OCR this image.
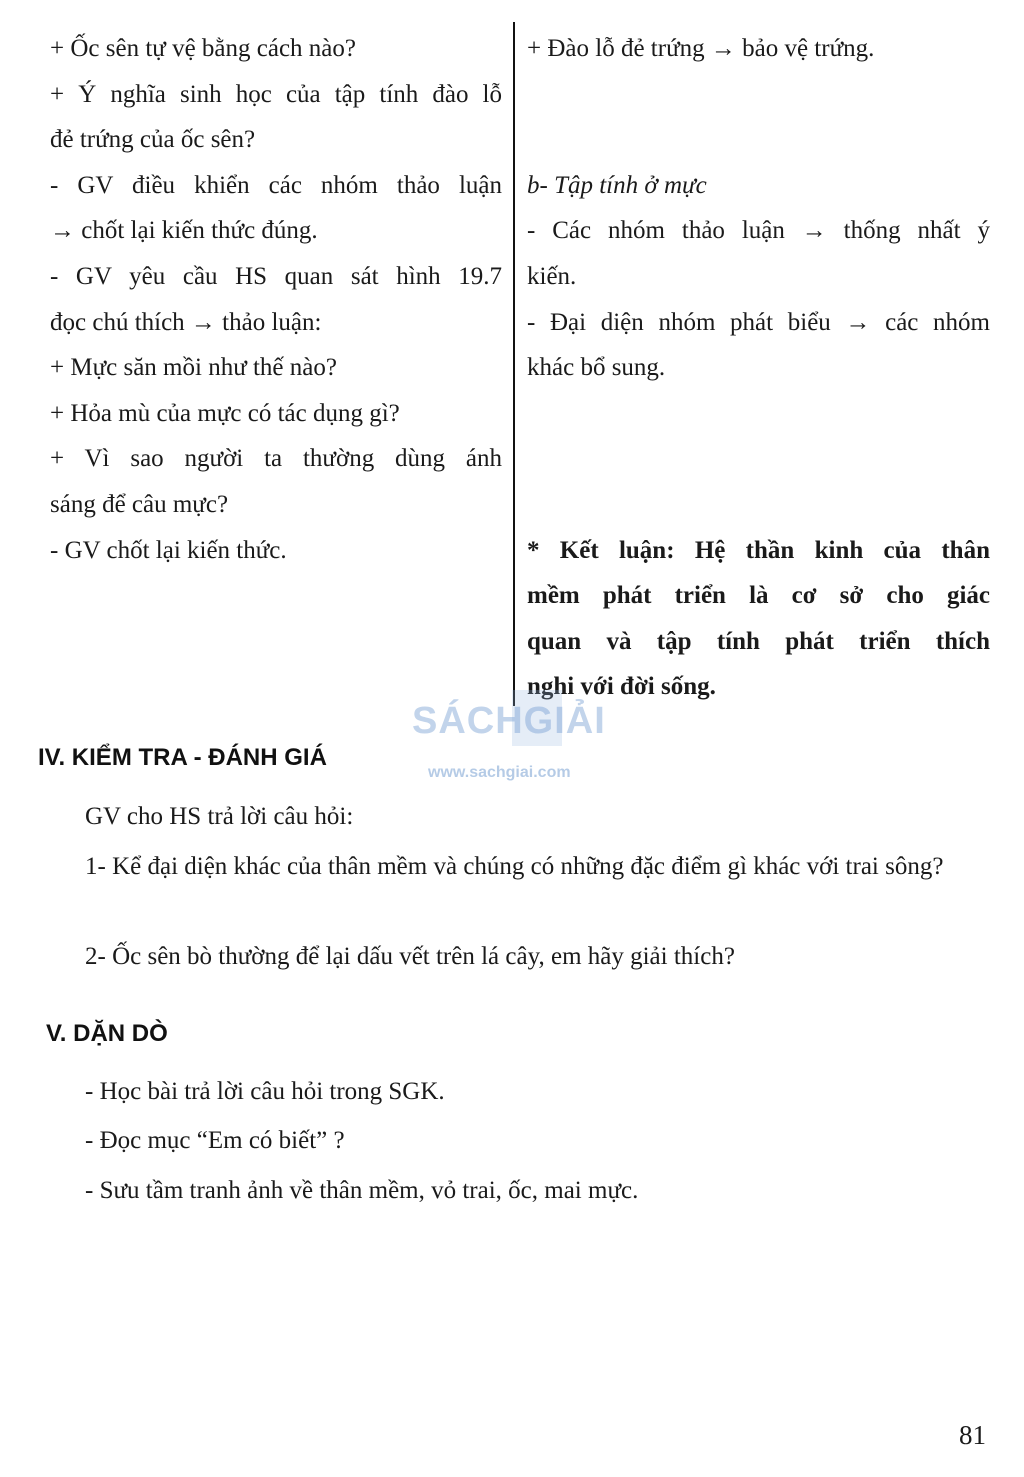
+ Ốc sên tự vệ bằng cách nào?

+ Ý nghĩa sinh học của tập tính đào lỗ

đẻ trứng của ốc sên?

- GV điều khiển các nhóm thảo luận

→ chốt lại kiến thức đúng.

- GV yêu cầu HS quan sát hình 19.7

đọc chú thích → thảo luận:

+ Mực săn mồi như thế nào?

+ Hỏa mù của mực có tác dụng gì?

+ Vì sao người ta thường dùng ánh

sáng để câu mực?

- GV chốt lại kiến thức.

+ Đào lỗ đẻ trứng → bảo vệ trứng.

b- Tập tính ở mực

- Các nhóm thảo luận → thống nhất ý

kiến.

- Đại diện nhóm phát biểu → các nhóm

khác bổ sung.

* Kết luận: Hệ thần kinh của thân

mềm phát triển là cơ sở cho giác

quan và tập tính phát triển thích

nghi với đời sống.

SÁCHGIẢI
www.sachgiai.com
IV. KIỂM TRA - ĐÁNH GIÁ

GV cho HS trả lời câu hỏi:

1- Kể đại diện khác của thân mềm và chúng có những đặc điểm gì khác với trai sông?

2- Ốc sên bò thường để lại dấu vết trên lá cây, em hãy giải thích?

V. DẶN DÒ

- Học bài trả lời câu hỏi trong SGK.

- Đọc mục “Em có biết” ?

- Sưu tầm tranh ảnh về thân mềm, vỏ trai, ốc, mai mực.

81
